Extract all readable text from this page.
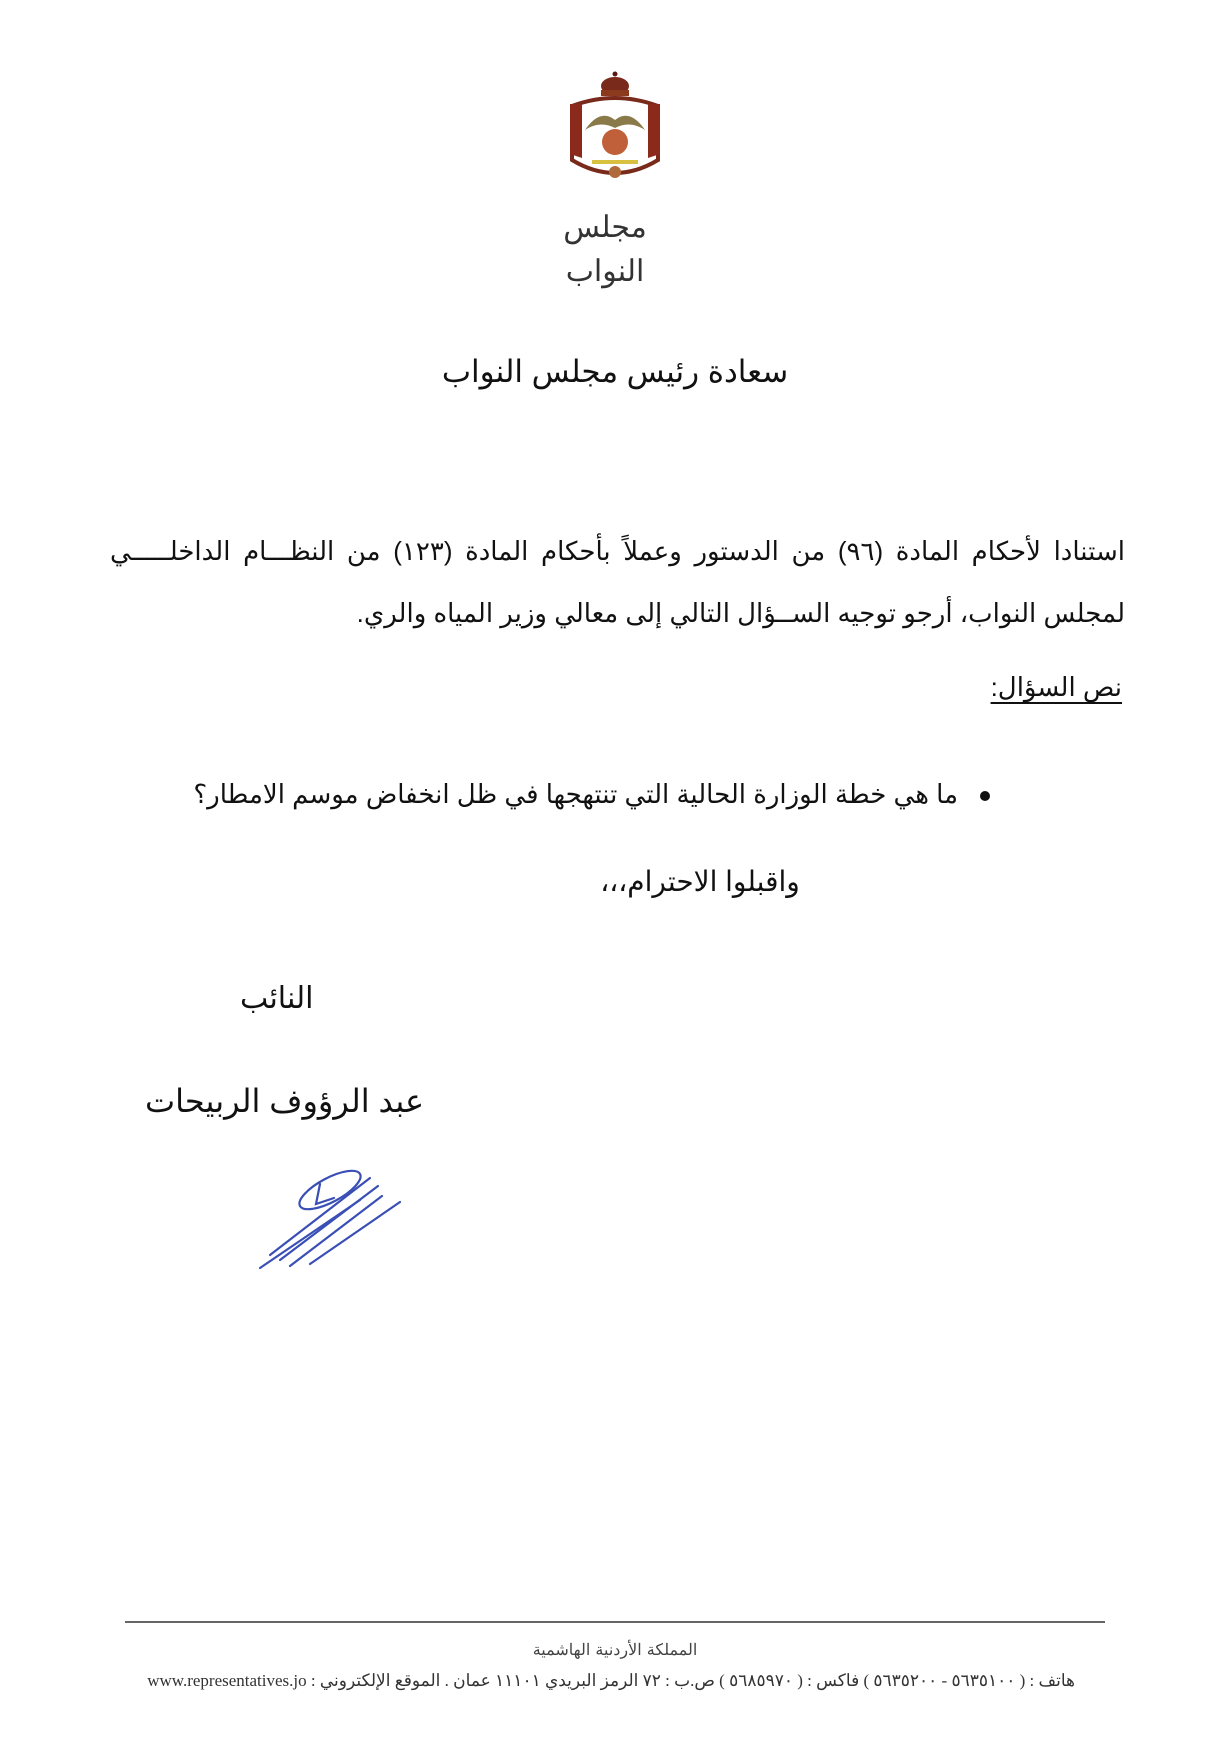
مجلس النواب
سعادة رئيس مجلس النواب
استنادا لأحكام المادة (٩٦) من الدستور وعملاً بأحكام المادة (١٢٣) من النظـــام الداخلـــــي
لمجلس النواب، أرجو توجيه الســؤال التالي إلى معالي وزير المياه والري.
نص السؤال:
ما هي خطة الوزارة الحالية التي تنتهجها في ظل انخفاض موسم الامطار؟
واقبلوا الاحترام،،،
النائب
عبد الرؤوف الربيحات
المملكة الأردنية الهاشمية
هاتف : ( ٥٦٣٥١٠٠ - ٥٦٣٥٢٠٠ ) فاكس : ( ٥٦٨٥٩٧٠ ) ص.ب : ٧٢ الرمز البريدي ١١١٠١ عمان . الموقع الإلكتروني : www.representatives.jo
